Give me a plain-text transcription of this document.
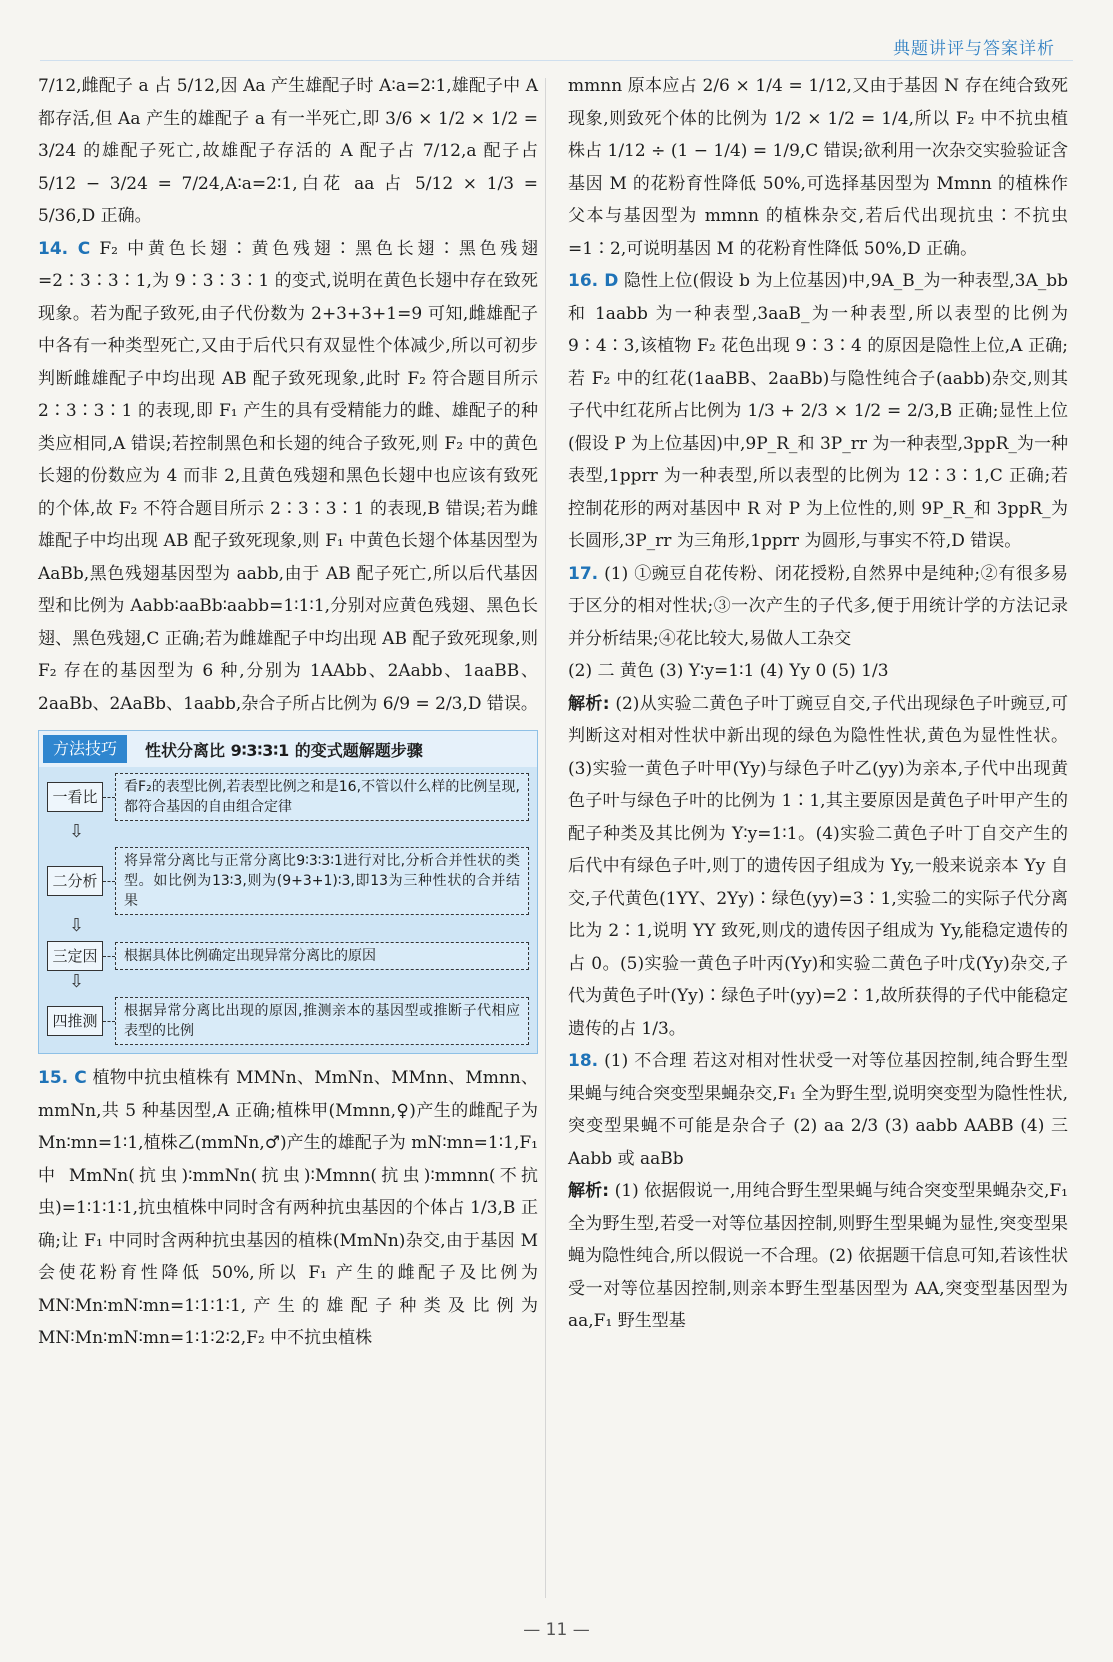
典题讲评与答案详析

7/12,雌配子 a 占 5/12,因 Aa 产生雄配子时 A∶a=2∶1,雄配子中 A 都存活,但 Aa 产生的雄配子 a 有一半死亡,即 3/6 × 1/2 × 1/2 = 3/24 的雄配子死亡,故雄配子存活的 A 配子占 7/12,a 配子占 5/12 − 3/24 = 7/24,A∶a=2∶1,白花 aa 占 5/12 × 1/3 = 5/36,D 正确。

14. C F₂ 中黄色长翅∶黄色残翅∶黑色长翅∶黑色残翅=2∶3∶3∶1,为 9∶3∶3∶1 的变式,说明在黄色长翅中存在致死现象。若为配子致死,由子代份数为 2+3+3+1=9 可知,雌雄配子中各有一种类型死亡,又由于后代只有双显性个体减少,所以可初步判断雌雄配子中均出现 AB 配子致死现象,此时 F₂ 符合题目所示 2∶3∶3∶1 的表现,即 F₁ 产生的具有受精能力的雌、雄配子的种类应相同,A 错误;若控制黑色和长翅的纯合子致死,则 F₂ 中的黄色长翅的份数应为 4 而非 2,且黄色残翅和黑色长翅中也应该有致死的个体,故 F₂ 不符合题目所示 2∶3∶3∶1 的表现,B 错误;若为雌雄配子中均出现 AB 配子致死现象,则 F₁ 中黄色长翅个体基因型为 AaBb,黑色残翅基因型为 aabb,由于 AB 配子死亡,所以后代基因型和比例为 Aabb∶aaBb∶aabb=1∶1∶1,分别对应黄色残翅、黑色长翅、黑色残翅,C 正确;若为雌雄配子中均出现 AB 配子致死现象,则 F₂ 存在的基因型为 6 种,分别为 1AAbb、2Aabb、1aaBB、2aaBb、2AaBb、1aabb,杂合子所占比例为 6/9 = 2/3,D 错误。

方法技巧	性状分离比 9∶3∶3∶1 的变式题解题步骤
一看比
看F₂的表型比例,若表型比例之和是16,不管以什么样的比例呈现,都符合基因的自由组合定律
⇩
二分析
将异常分离比与正常分离比9∶3∶3∶1进行对比,分析合并性状的类型。如比例为13∶3,则为(9+3+1)∶3,即13为三种性状的合并结果
⇩
三定因	根据具体比例确定出现异常分离比的原因
⇩
四推测
根据异常分离比出现的原因,推测亲本的基因型或推断子代相应表型的比例

15. C 植物中抗虫植株有 MMNn、MmNn、MMnn、Mmnn、mmNn,共 5 种基因型,A 正确;植株甲(Mmnn,♀)产生的雌配子为 Mn∶mn=1∶1,植株乙(mmNn,♂)产生的雄配子为 mN∶mn=1∶1,F₁ 中 MmNn(抗虫)∶mmNn(抗虫)∶Mmnn(抗虫)∶mmnn(不抗虫)=1∶1∶1∶1,抗虫植株中同时含有两种抗虫基因的个体占 1/3,B 正确;让 F₁ 中同时含两种抗虫基因的植株(MmNn)杂交,由于基因 M 会使花粉育性降低 50%,所以 F₁ 产生的雌配子及比例为 MN∶Mn∶mN∶mn=1∶1∶1∶1,产生的雄配子种类及比例为 MN∶Mn∶mN∶mn=1∶1∶2∶2,F₂ 中不抗虫植株

mmnn 原本应占 2/6 × 1/4 = 1/12,又由于基因 N 存在纯合致死现象,则致死个体的比例为 1/2 × 1/2 = 1/4,所以 F₂ 中不抗虫植株占 1/12 ÷ (1 − 1/4) = 1/9,C 错误;欲利用一次杂交实验验证含基因 M 的花粉育性降低 50%,可选择基因型为 Mmnn 的植株作父本与基因型为 mmnn 的植株杂交,若后代出现抗虫∶不抗虫=1∶2,可说明基因 M 的花粉育性降低 50%,D 正确。

16. D 隐性上位(假设 b 为上位基因)中,9A_B_为一种表型,3A_bb 和 1aabb 为一种表型,3aaB_为一种表型,所以表型的比例为 9∶4∶3,该植物 F₂ 花色出现 9∶3∶4 的原因是隐性上位,A 正确;若 F₂ 中的红花(1aaBB、2aaBb)与隐性纯合子(aabb)杂交,则其子代中红花所占比例为 1/3 + 2/3 × 1/2 = 2/3,B 正确;显性上位(假设 P 为上位基因)中,9P_R_和 3P_rr 为一种表型,3ppR_为一种表型,1pprr 为一种表型,所以表型的比例为 12∶3∶1,C 正确;若控制花形的两对基因中 R 对 P 为上位性的,则 9P_R_和 3ppR_为长圆形,3P_rr 为三角形,1pprr 为圆形,与事实不符,D 错误。

17. (1) ①豌豆自花传粉、闭花授粉,自然界中是纯种;②有很多易于区分的相对性状;③一次产生的子代多,便于用统计学的方法记录并分析结果;④花比较大,易做人工杂交

(2) 二 黄色 (3) Y∶y=1∶1 (4) Yy 0 (5) 1/3

解析: (2)从实验二黄色子叶丁豌豆自交,子代出现绿色子叶豌豆,可判断这对相对性状中新出现的绿色为隐性性状,黄色为显性性状。(3)实验一黄色子叶甲(Yy)与绿色子叶乙(yy)为亲本,子代中出现黄色子叶与绿色子叶的比例为 1∶1,其主要原因是黄色子叶甲产生的配子种类及其比例为 Y∶y=1∶1。(4)实验二黄色子叶丁自交产生的后代中有绿色子叶,则丁的遗传因子组成为 Yy,一般来说亲本 Yy 自交,子代黄色(1YY、2Yy)∶绿色(yy)=3∶1,实验二的实际子代分离比为 2∶1,说明 YY 致死,则戊的遗传因子组成为 Yy,能稳定遗传的占 0。(5)实验一黄色子叶丙(Yy)和实验二黄色子叶戊(Yy)杂交,子代为黄色子叶(Yy)∶绿色子叶(yy)=2∶1,故所获得的子代中能稳定遗传的占 1/3。

18. (1) 不合理 若这对相对性状受一对等位基因控制,纯合野生型果蝇与纯合突变型果蝇杂交,F₁ 全为野生型,说明突变型为隐性性状,突变型果蝇不可能是杂合子 (2) aa 2/3 (3) aabb AABB (4) 三 Aabb 或 aaBb

解析: (1) 依据假说一,用纯合野生型果蝇与纯合突变型果蝇杂交,F₁ 全为野生型,若受一对等位基因控制,则野生型果蝇为显性,突变型果蝇为隐性纯合,所以假说一不合理。(2) 依据题干信息可知,若该性状受一对等位基因控制,则亲本野生型基因型为 AA,突变型基因型为 aa,F₁ 野生型基

— 11 —
